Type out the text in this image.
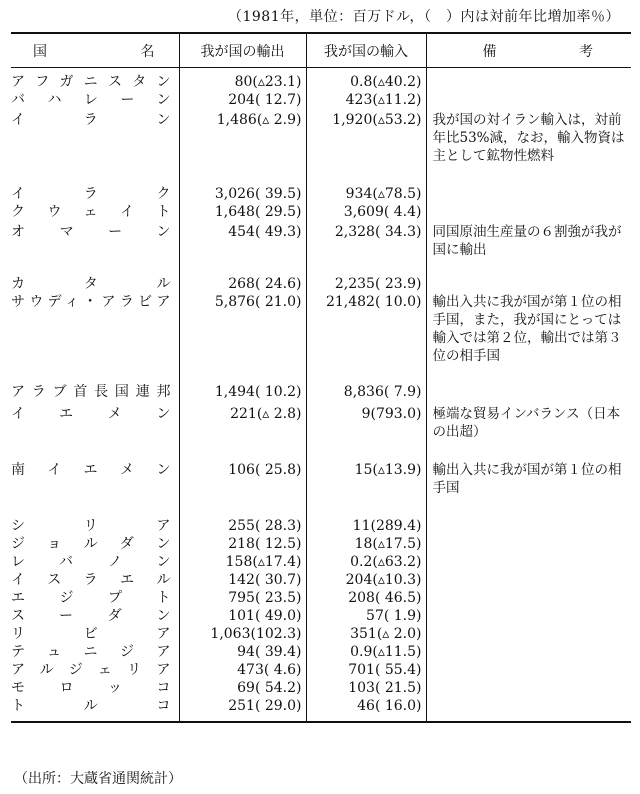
（1981年，単位：百万ドル，（　）内は対前年比増加率％）
国 名	我が国の輸出	我が国の輸入	備 考

アフガニスタン	80(▵23.1)	0.8(▵40.2)	
バハレーン	204( 12.7)	423(▵11.2)	
イラン	1,486(▵ 2.9)	1,920(▵53.2)	我が国の対イラン輸入は，対前年比53%減，なお，輸入物資は主として鉱物性燃料
イラク	3,026( 39.5)	934(▵78.5)	
クウェイト	1,648( 29.5)	3,609( 4.4)	
オマーン	454( 49.3)	2,328( 34.3)	同国原油生産量の６割強が我が国に輸出
カタル	268( 24.6)	2,235( 23.9)	
サウディ・アラビア	5,876( 21.0)	21,482( 10.0)	輸出入共に我が国が第１位の相手国，また，我が国にとっては輸入では第２位，輸出では第３位の相手国
アラブ首長国連邦	1,494( 10.2)	8,836( 7.9)	
イエメン	221(▵ 2.8)	9(793.0)	極端な貿易インバランス（日本の出超）
南イエメン	106( 25.8)	15(▵13.9)	輸出入共に我が国が第１位の相手国
シリア	255( 28.3)	11(289.4)	
ジョルダン	218( 12.5)	18(▵17.5)	
レバノン	158(▵17.4)	0.2(▵63.2)	
イスラエル	142( 30.7)	204(▵10.3)	
エジプト	795( 23.5)	208( 46.5)	
スーダン	101( 49.0)	57( 1.9)	
リビア	1,063(102.3)	351(▵ 2.0)	
テュニジア	94( 39.4)	0.9(▵11.5)	
アルジェリア	473( 4.6)	701( 55.4)	
モロッコ	69( 54.2)	103( 21.5)	
トルコ	251( 29.0)	46( 16.0)	
（出所：大蔵省通関統計）
